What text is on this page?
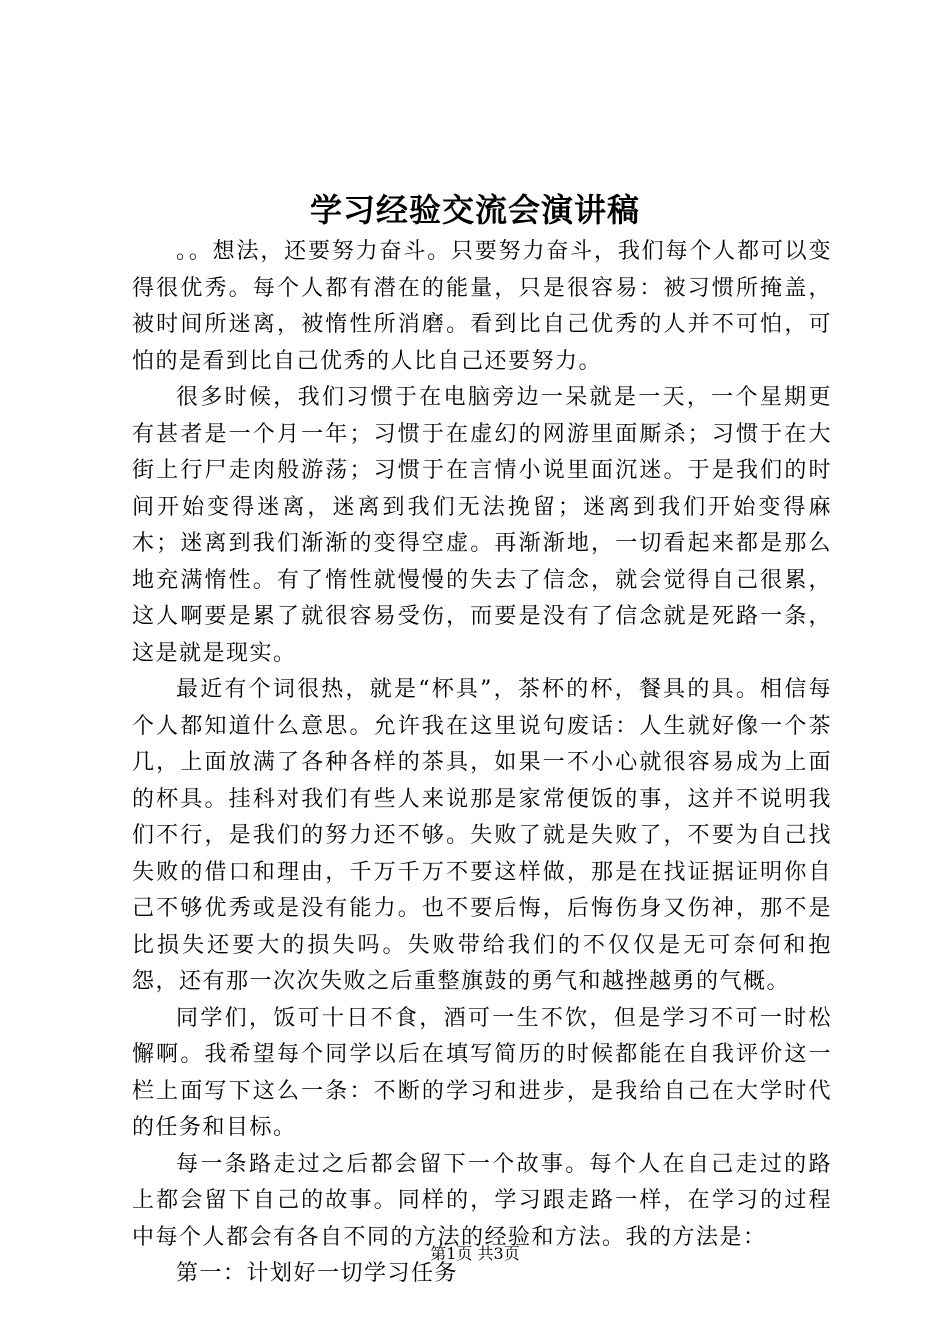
学习经验交流会演讲稿

。。想法，还要努力奋斗。只要努力奋斗，我们每个人都可以变得很优秀。每个人都有潜在的能量，只是很容易：被习惯所掩盖，被时间所迷离，被惰性所消磨。看到比自己优秀的人并不可怕，可怕的是看到比自己优秀的人比自己还要努力。

很多时候，我们习惯于在电脑旁边一呆就是一天，一个星期更有甚者是一个月一年；习惯于在虚幻的网游里面厮杀；习惯于在大街上行尸走肉般游荡；习惯于在言情小说里面沉迷。于是我们的时间开始变得迷离，迷离到我们无法挽留；迷离到我们开始变得麻木；迷离到我们渐渐的变得空虚。再渐渐地，一切看起来都是那么地充满惰性。有了惰性就慢慢的失去了信念，就会觉得自己很累，这人啊要是累了就很容易受伤，而要是没有了信念就是死路一条，这是就是现实。

最近有个词很热，就是“杯具”，茶杯的杯，餐具的具。相信每个人都知道什么意思。允许我在这里说句废话：人生就好像一个茶几，上面放满了各种各样的茶具，如果一不小心就很容易成为上面的杯具。挂科对我们有些人来说那是家常便饭的事，这并不说明我们不行，是我们的努力还不够。失败了就是失败了，不要为自己找失败的借口和理由，千万千万不要这样做，那是在找证据证明你自己不够优秀或是没有能力。也不要后悔，后悔伤身又伤神，那不是比损失还要大的损失吗。失败带给我们的不仅仅是无可奈何和抱怨，还有那一次次失败之后重整旗鼓的勇气和越挫越勇的气概。

同学们，饭可十日不食，酒可一生不饮，但是学习不可一时松懈啊。我希望每个同学以后在填写简历的时候都能在自我评价这一栏上面写下这么一条：不断的学习和进步，是我给自己在大学时代的任务和目标。

每一条路走过之后都会留下一个故事。每个人在自己走过的路上都会留下自己的故事。同样的，学习跟走路一样，在学习的过程中每个人都会有各自不同的方法的经验和方法。我的方法是：

第一：计划好一切学习任务

第1页 共3页
